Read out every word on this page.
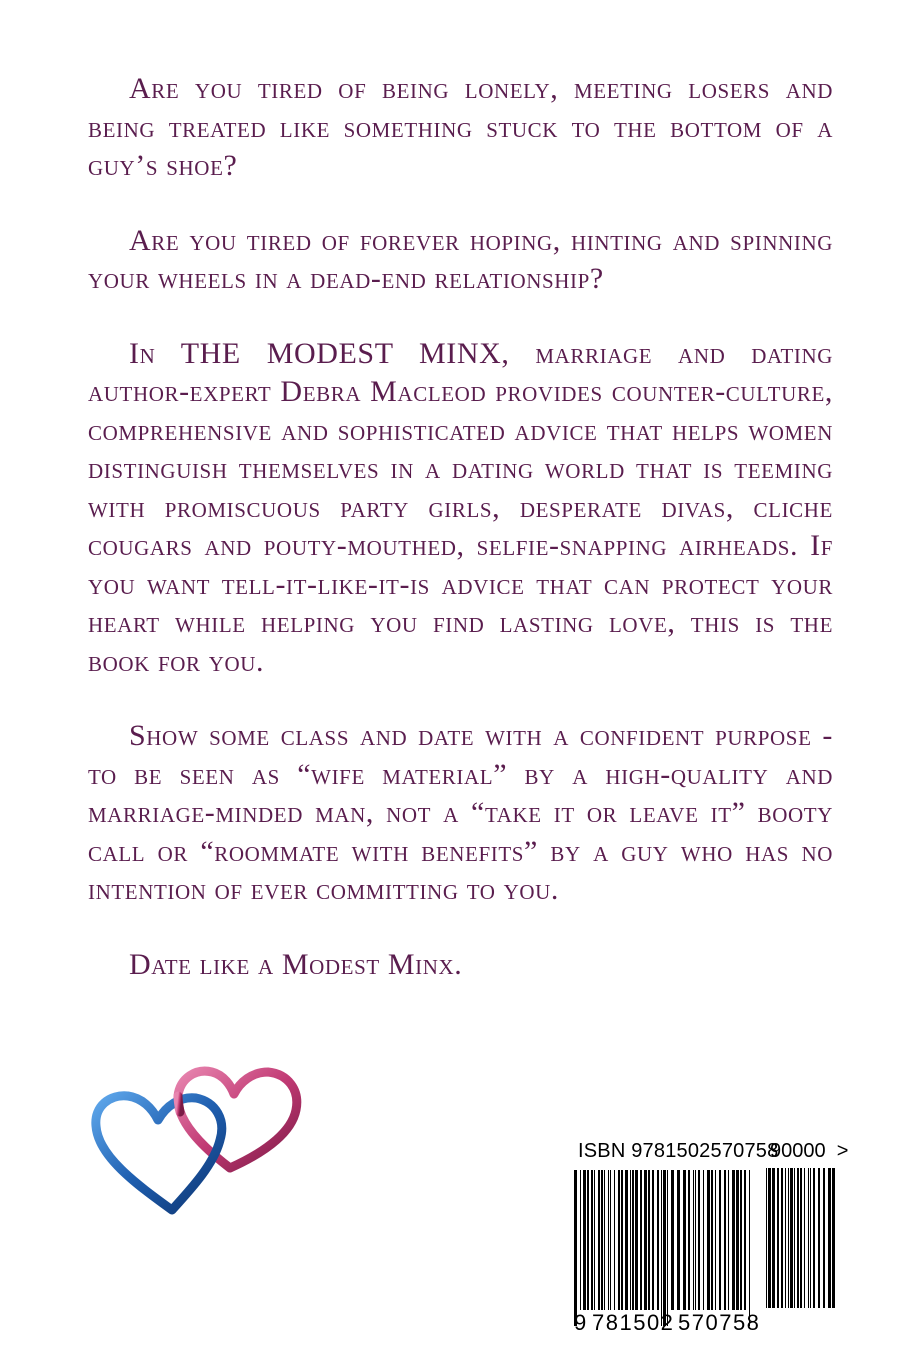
Are you tired of being lonely, meeting losers and being treated like something stuck to the bottom of a guy’s shoe?

Are you tired of forever hoping, hinting and spinning your wheels in a dead-end relationship?

In THE MODEST MINX, marriage and dating author-expert Debra Macleod provides counter-culture, comprehensive and sophisticated advice that helps women distinguish themselves in a dating world that is teeming with promiscuous party girls, desperate divas, cliche cougars and pouty-mouthed, selfie-snapping airheads. If you want tell-it-like-it-is advice that can protect your heart while helping you find lasting love, this is the book for you.

Show some class and date with a confident purpose - to be seen as “wife material” by a high-quality and marriage-minded man, not a “take it or leave it” booty call or “roommate with benefits” by a guy who has no intention of ever committing to you.

Date like a Modest Minx.

ISBN 9781502570758
90000 >
9 781502 570758
